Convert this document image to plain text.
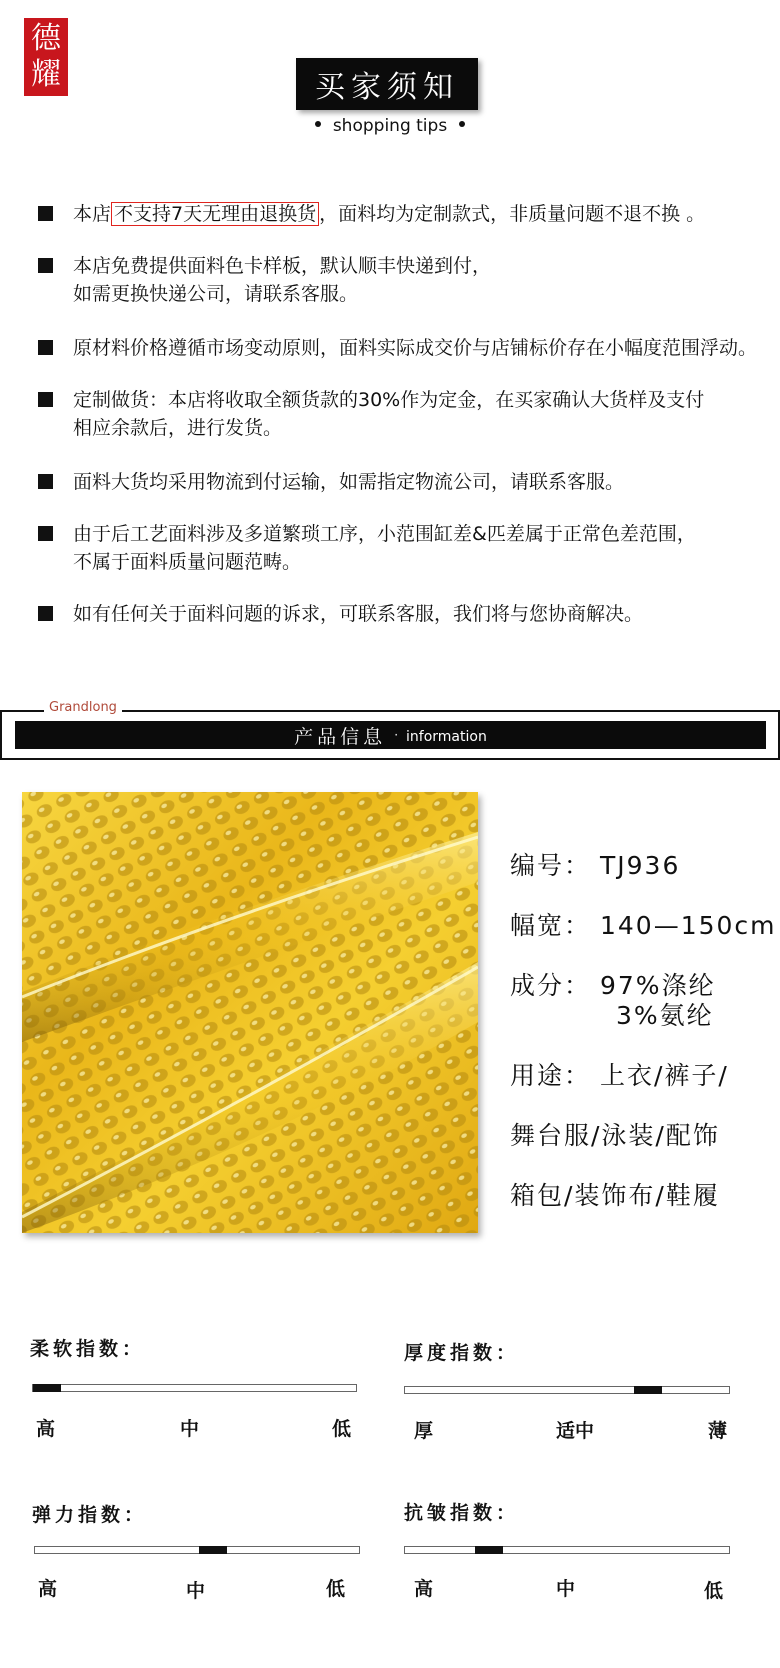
德
耀	买家须知
shopping tips
本店 不支持7天无理由退换货 ，面料均为定制款式，非质量问题不退不换 。
本店免费提供面料色卡样板，默认顺丰快递到付，
如需更换快递公司，请联系客服。
原材料价格遵循市场变动原则，面料实际成交价与店铺标价存在小幅度范围浮动。
定制做货：本店将收取全额货款的30%作为定金，在买家确认大货样及支付
相应余款后，进行发货。
面料大货均采用物流到付运输，如需指定物流公司，请联系客服。
由于后工艺面料涉及多道繁琐工序，小范围缸差&匹差属于正常色差范围，
不属于面料质量问题范畴。
如有任何关于面料问题的诉求，可联系客服，我们将与您协商解决。
Grandlong
产品信息 · information
编号： TJ936
幅宽： 140—150cm
成分： 97%涤纶
3%氨纶
用途： 上衣/裤子/
舞台服/泳装/配饰
箱包/装饰布/鞋履
柔软指数：
高	中	低
厚度指数：
厚	适中	薄
弹力指数：
高	中	低
抗皱指数：
高	中	低
